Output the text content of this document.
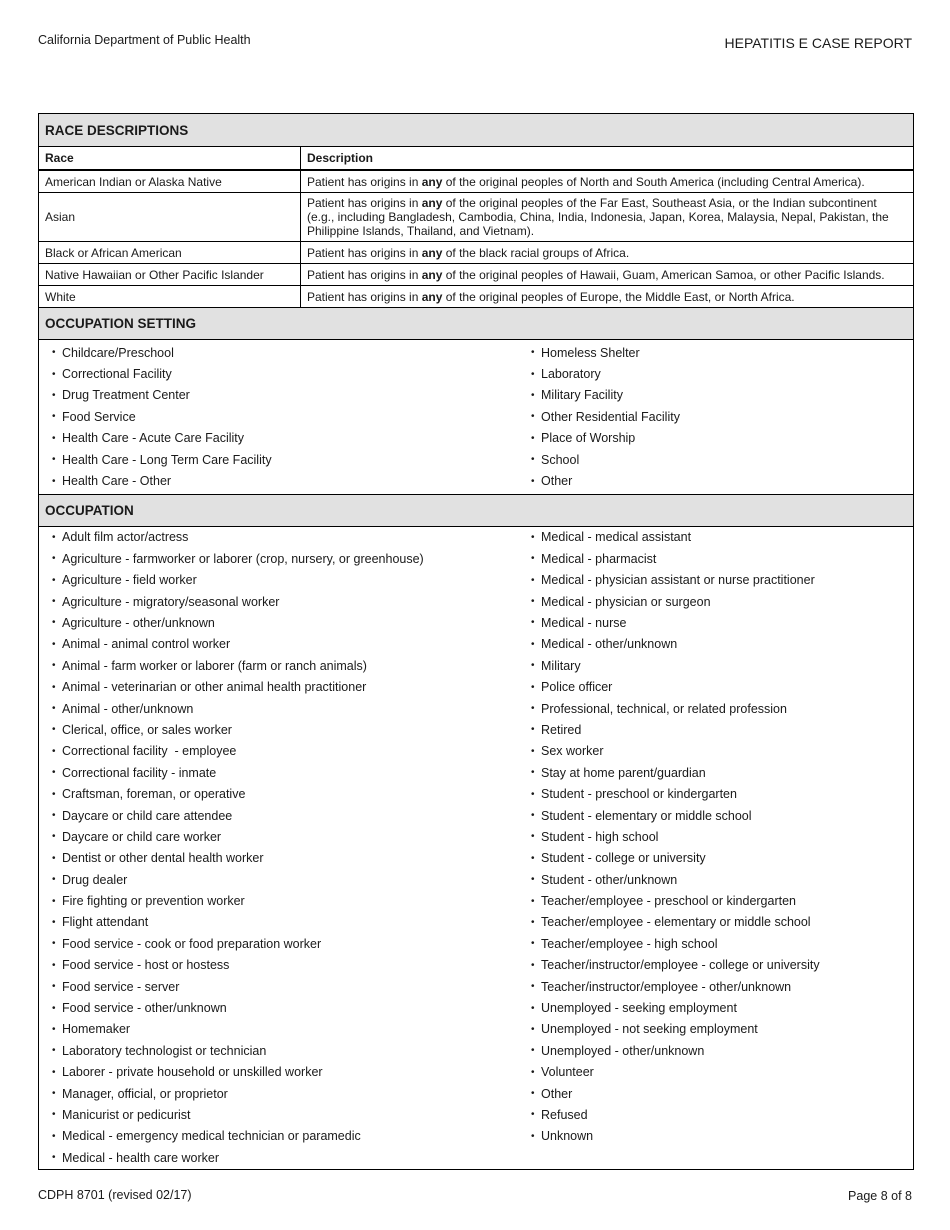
California Department of Public Health	HEPATITIS E CASE REPORT
RACE DESCRIPTIONS
Race	Description
American Indian or Alaska Native	Patient has origins in any of the original peoples of North and South America (including Central America).
Asian	Patient has origins in any of the original peoples of the Far East, Southeast Asia, or the Indian subcontinent (e.g., including Bangladesh, Cambodia, China, India, Indonesia, Japan, Korea, Malaysia, Nepal, Pakistan, the Philippine Islands, Thailand, and Vietnam).
Black or African American	Patient has origins in any of the black racial groups of Africa.
Native Hawaiian or Other Pacific Islander	Patient has origins in any of the original peoples of Hawaii, Guam, American Samoa, or other Pacific Islands.
White	Patient has origins in any of the original peoples of Europe, the Middle East, or North Africa.
OCCUPATION SETTING
• Childcare/Preschool
• Correctional Facility
• Drug Treatment Center
• Food Service
• Health Care - Acute Care Facility
• Health Care - Long Term Care Facility
• Health Care - Other
• Homeless Shelter
• Laboratory
• Military Facility
• Other Residential Facility
• Place of Worship
• School
• Other
OCCUPATION
• Adult film actor/actress
• Agriculture - farmworker or laborer (crop, nursery, or greenhouse)
• Agriculture - field worker
• Agriculture - migratory/seasonal worker
• Agriculture - other/unknown
• Animal - animal control worker
• Animal - farm worker or laborer (farm or ranch animals)
• Animal - veterinarian or other animal health practitioner
• Animal - other/unknown
• Clerical, office, or sales worker
• Correctional facility  - employee
• Correctional facility - inmate
• Craftsman, foreman, or operative
• Daycare or child care attendee
• Daycare or child care worker
• Dentist or other dental health worker
• Drug dealer
• Fire fighting or prevention worker
• Flight attendant
• Food service - cook or food preparation worker
• Food service - host or hostess
• Food service - server
• Food service - other/unknown
• Homemaker
• Laboratory technologist or technician
• Laborer - private household or unskilled worker
• Manager, official, or proprietor
• Manicurist or pedicurist
• Medical - emergency medical technician or paramedic
• Medical - health care worker
• Medical - medical assistant
• Medical - pharmacist
• Medical - physician assistant or nurse practitioner
• Medical - physician or surgeon
• Medical - nurse
• Medical - other/unknown
• Military
• Police officer
• Professional, technical, or related profession
• Retired
• Sex worker
• Stay at home parent/guardian
• Student - preschool or kindergarten
• Student - elementary or middle school
• Student - high school
• Student - college or university
• Student - other/unknown
• Teacher/employee - preschool or kindergarten
• Teacher/employee - elementary or middle school
• Teacher/employee - high school
• Teacher/instructor/employee - college or university
• Teacher/instructor/employee - other/unknown
• Unemployed - seeking employment
• Unemployed - not seeking employment
• Unemployed - other/unknown
• Volunteer
• Other
• Refused
• Unknown
CDPH 8701 (revised 02/17)	Page 8 of 8
